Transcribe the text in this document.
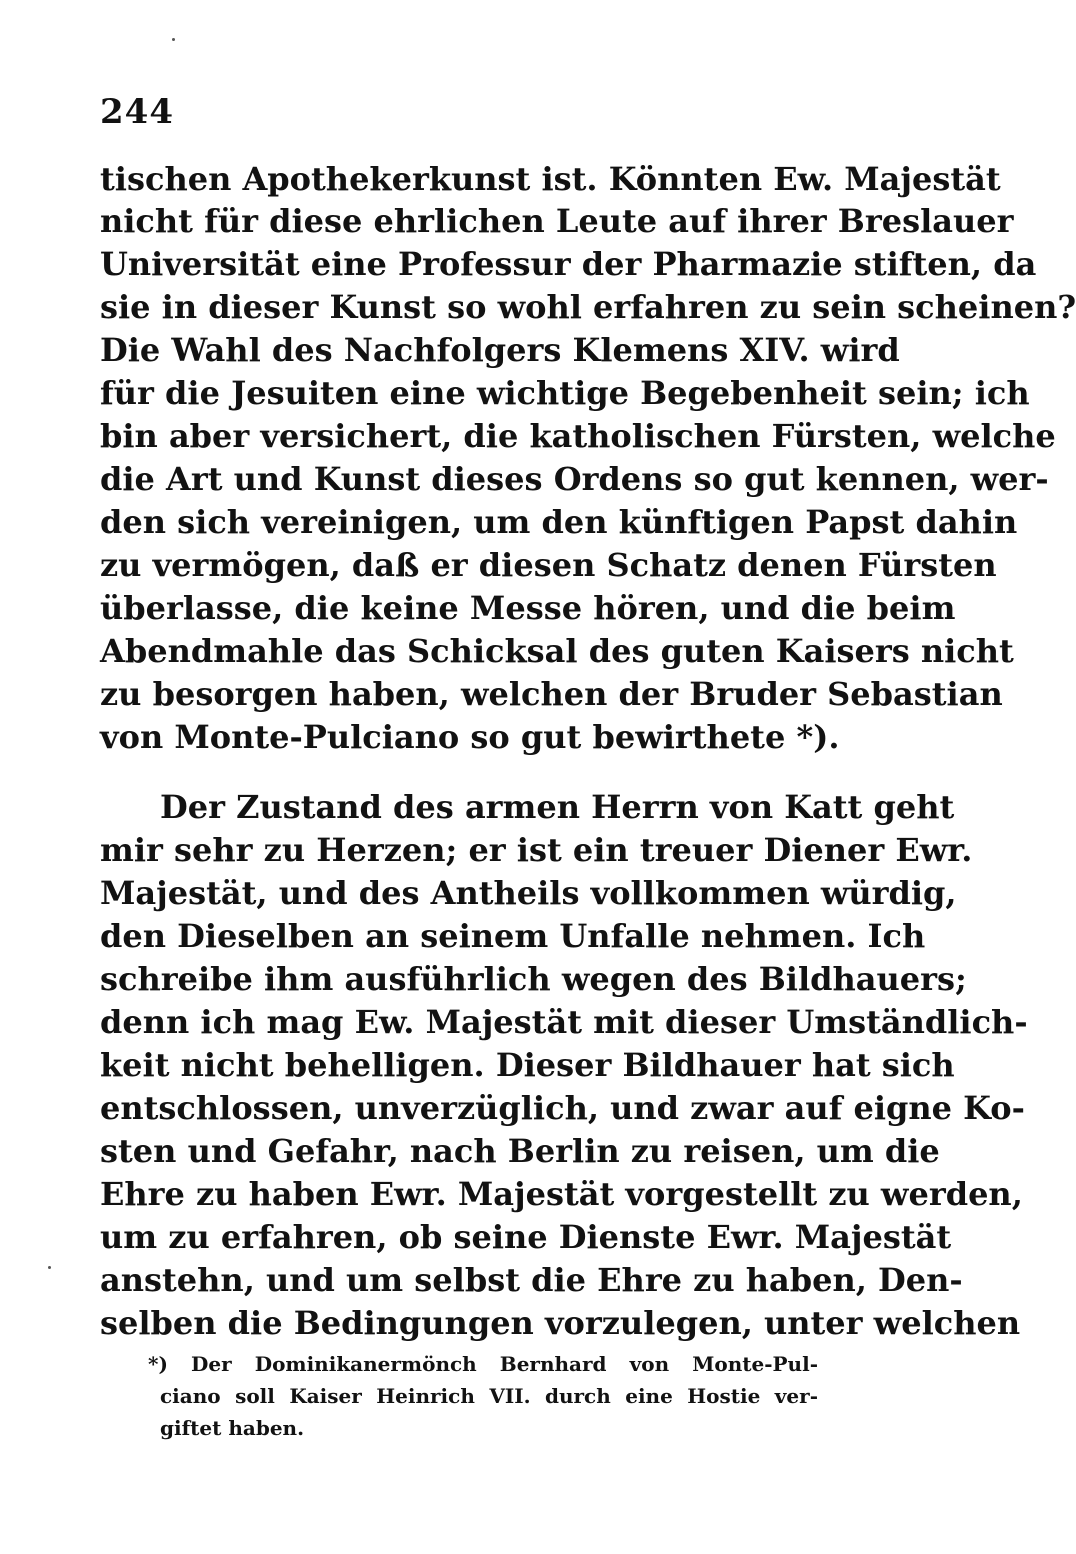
244
tischen Apothekerkunst ist. Könnten Ew. Majestät
nicht für diese ehrlichen Leute auf ihrer Breslauer
Universität eine Professur der Pharmazie stiften, da
sie in dieser Kunst so wohl erfahren zu sein scheinen?
Die Wahl des Nachfolgers Klemens XIV. wird
für die Jesuiten eine wichtige Begebenheit sein; ich
bin aber versichert, die katholischen Fürsten, welche
die Art und Kunst dieses Ordens so gut kennen, wer-
den sich vereinigen, um den künftigen Papst dahin
zu vermögen, daß er diesen Schatz denen Fürsten
überlasse, die keine Messe hören, und die beim
Abendmahle das Schicksal des guten Kaisers nicht
zu besorgen haben, welchen der Bruder Sebastian
von Monte-Pulciano so gut bewirthete *).
Der Zustand des armen Herrn von Katt geht
mir sehr zu Herzen; er ist ein treuer Diener Ewr.
Majestät, und des Antheils vollkommen würdig,
den Dieselben an seinem Unfalle nehmen. Ich
schreibe ihm ausführlich wegen des Bildhauers;
denn ich mag Ew. Majestät mit dieser Umständlich-
keit nicht behelligen. Dieser Bildhauer hat sich
entschlossen, unverzüglich, und zwar auf eigne Ko-
sten und Gefahr, nach Berlin zu reisen, um die
Ehre zu haben Ewr. Majestät vorgestellt zu werden,
um zu erfahren, ob seine Dienste Ewr. Majestät
anstehn, und um selbst die Ehre zu haben, Den-
selben die Bedingungen vorzulegen, unter welchen
*) Der Dominikanermönch Bernhard von Monte-Pul-
ciano soll Kaiser Heinrich VII. durch eine Hostie ver-
giftet haben.
